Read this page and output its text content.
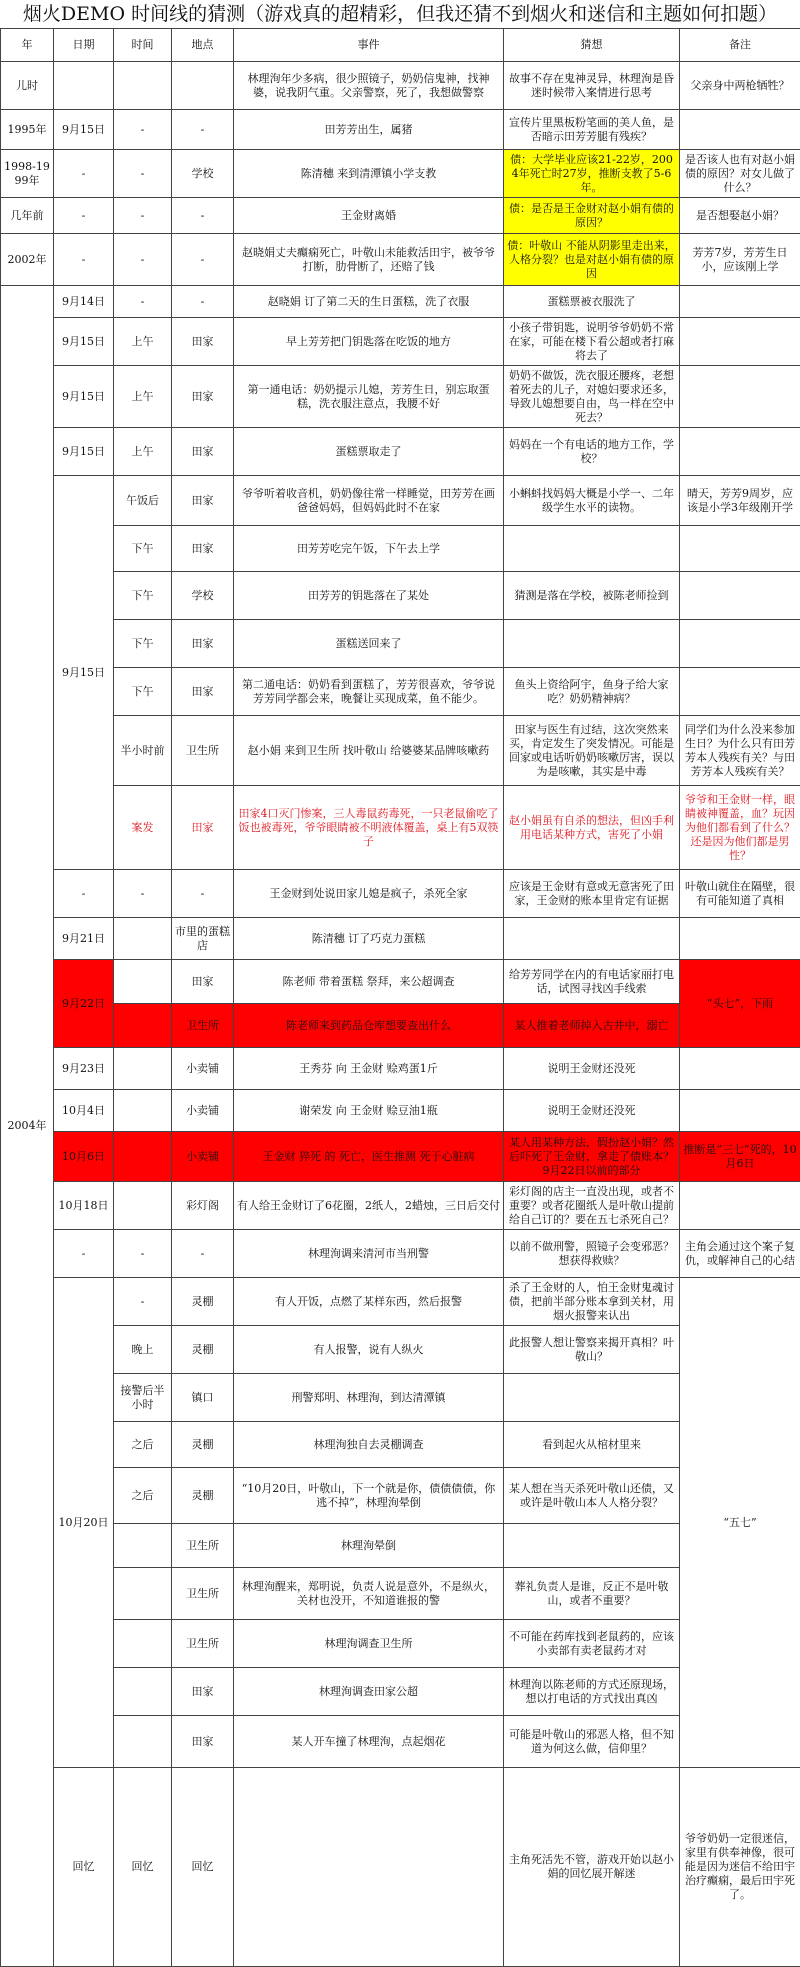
烟火DEMO 时间线的猜测（游戏真的超精彩，但我还猜不到烟火和迷信和主题如何扣题）
年	日期	时间	地点	事件	猜想	备注	
儿时				林理洵年少多病，很少照镜子，奶奶信鬼神，找神婆，说我阴气重。父亲警察，死了，我想做警察	故事不存在鬼神灵异，林理洵是昏迷时候带入案情进行思考	父亲身中两枪牺牲？	
1995年	9月15日	-	-	田芳芳出生，属猪	宣传片里黑板粉笔画的美人鱼，是否暗示田芳芳腿有残疾？		
1998-1999年	-	-	学校	陈清穗 来到清潭镇小学支教	债：大学毕业应该21-22岁，2004年死亡时27岁，推断支教了5-6年。	是否该人也有对赵小娟债的原因？对女儿做了什么？	
几年前	-	-	-	王金财离婚	债：是否是王金财对赵小娟有债的原因？	是否想娶赵小娟？	
2002年	-	-	-	赵晓娟丈夫癫痫死亡，叶敬山未能救活田宇，被爷爷打断，肋骨断了，还赔了钱	债：叶敬山 不能从阴影里走出来，人格分裂？也是对赵小娟有债的原因	芳芳7岁，芳芳生日小，应该刚上学	
2004年	9月14日	-	-	赵晓娟 订了第二天的生日蛋糕，洗了衣服	蛋糕票被衣服洗了		
	9月15日	上午	田家	早上芳芳把门钥匙落在吃饭的地方	小孩子带钥匙，说明爷爷奶奶不常在家，可能在楼下看公超或者打麻将去了		
	9月15日	上午	田家	第一通电话：奶奶提示儿媳，芳芳生日，别忘取蛋糕，洗衣服注意点，我腰不好	奶奶不做饭，洗衣服还腰疼，老想着死去的儿子，对媳妇要求还多，导致儿媳想要自由，鸟一样在空中死去？		
	9月15日	上午	田家	蛋糕票取走了	妈妈在一个有电话的地方工作，学校？		
	9月15日	午饭后	田家	爷爷听着收音机，奶奶像往常一样睡觉，田芳芳在画爸爸妈妈，但妈妈此时不在家	小蝌蚪找妈妈大概是小学一、二年级学生水平的读物。	晴天，芳芳9周岁，应该是小学3年级刚开学	
		下午	田家	田芳芳吃完午饭，下午去上学			
		下午	学校	田芳芳的钥匙落在了某处	猜测是落在学校，被陈老师捡到		
		下午	田家	蛋糕送回来了			
		下午	田家	第二通电话：奶奶看到蛋糕了，芳芳很喜欢，爷爷说芳芳同学都会来，晚餐让买现成菜，鱼不能少。	鱼头上资给阿宇，鱼身子给大家吃？奶奶精神病？		
		半小时前	卫生所	赵小娟 来到卫生所 找叶敬山 给婆婆某品牌咳嗽药	田家与医生有过结，这次突然来买，肯定发生了突发情况。可能是回家或电话听奶奶咳嗽厉害，误以为是咳嗽，其实是中毒	同学们为什么没来参加生日？为什么只有田芳芳本人残疾有关？与田芳芳本人残疾有关？	
		案发	田家	田家4口灭门惨案，三人毒鼠药毒死，一只老鼠偷吃了饭也被毒死，爷爷眼睛被不明液体覆盖，桌上有5双筷子	赵小娟虽有自杀的想法，但凶手利用电话某种方式，害死了小娟	爷爷和王金财一样，眼睛被神覆盖，血？玩因为他们都看到了什么？还是因为他们都是男性？	
	-	-	-	王金财到处说田家儿媳是疯子，杀死全家	应该是王金财有意或无意害死了田家，王金财的账本里肯定有证据	叶敬山就住在隔壁，很有可能知道了真相	
	9月21日		市里的蛋糕店	陈清穗 订了巧克力蛋糕			
	9月22日		田家	陈老师 带着蛋糕 祭拜，来公超调查	给芳芳同学在内的有电话家丽打电话，试图寻找凶手线索	“头七”，下雨	
			卫生所	陈老师来到药品仓库想要查出什么	某人推着老师掉入古井中，溺亡		
	9月23日		小卖铺	王秀芬 向 王金财 赊鸡蛋1斤	说明王金财还没死		
	10月4日		小卖铺	谢荣发 向 王金财 赊豆油1瓶	说明王金财还没死		
	10月6日		小卖铺	王金财 猝死 的 死亡，医生推测 死于心脏病	某人用某种方法，假扮赵小娟？然后吓死了王金财，拿走了债账本？9月22日以前的部分	推断是“三七”死的，10月6日	
	10月18日		彩灯阁	有人给王金财订了6花圈，2纸人，2蜡烛，三日后交付	彩灯阁的店主一直没出现，或者不重要？或者花圈纸人是叶敬山提前给自己订的？要在五七杀死自己？		
	-	-	-	林理洵调来清河市当刑警	以前不做刑警，照镜子会变邪恶？想获得救赎？	主角会通过这个案子复仇，或解神自己的心结	
	10月20日	-	灵棚	有人开饭，点燃了某样东西，然后报警	杀了王金财的人，怕王金财鬼魂讨债，把前半部分账本拿到关材，用烟火报警来认出	“五七”	
		晚上	灵棚	有人报警，说有人纵火	此报警人想让警察来揭开真相？叶敬山？		
		接警后半小时	镇口	刑警郑明、林理洵，到达清潭镇			
		之后	灵棚	林理洵独自去灵棚调查	看到起火从棺材里来		
		之后	灵棚	“10月20日，叶敬山，下一个就是你，债债债债，你逃不掉”，林理洵晕倒	某人想在当天杀死叶敬山还债，又或许是叶敬山本人人格分裂？		
			卫生所	林理洵晕倒			
			卫生所	林理洵醒来，郑明说，负责人说是意外，不是纵火，关材也没开，不知道谁报的警	葬礼负责人是谁，反正不是叶敬山，或者不重要？		
			卫生所	林理洵调查卫生所	不可能在药库找到老鼠药的，应该小卖部有卖老鼠药才对		
			田家	林理洵调查田家公超	林理洵以陈老师的方式还原现场，想以打电话的方式找出真凶		
			田家	某人开车撞了林理洵，点起烟花	可能是叶敬山的邪恶人格，但不知道为何这么做，信仰里？		
	回忆	回忆	回忆		主角死活先不管，游戏开始以赵小娟的回忆展开解迷	爷爷奶奶一定很迷信，家里有供奉神像，很可能是因为迷信不给田宇治疗癫痫，最后田宇死了。	
